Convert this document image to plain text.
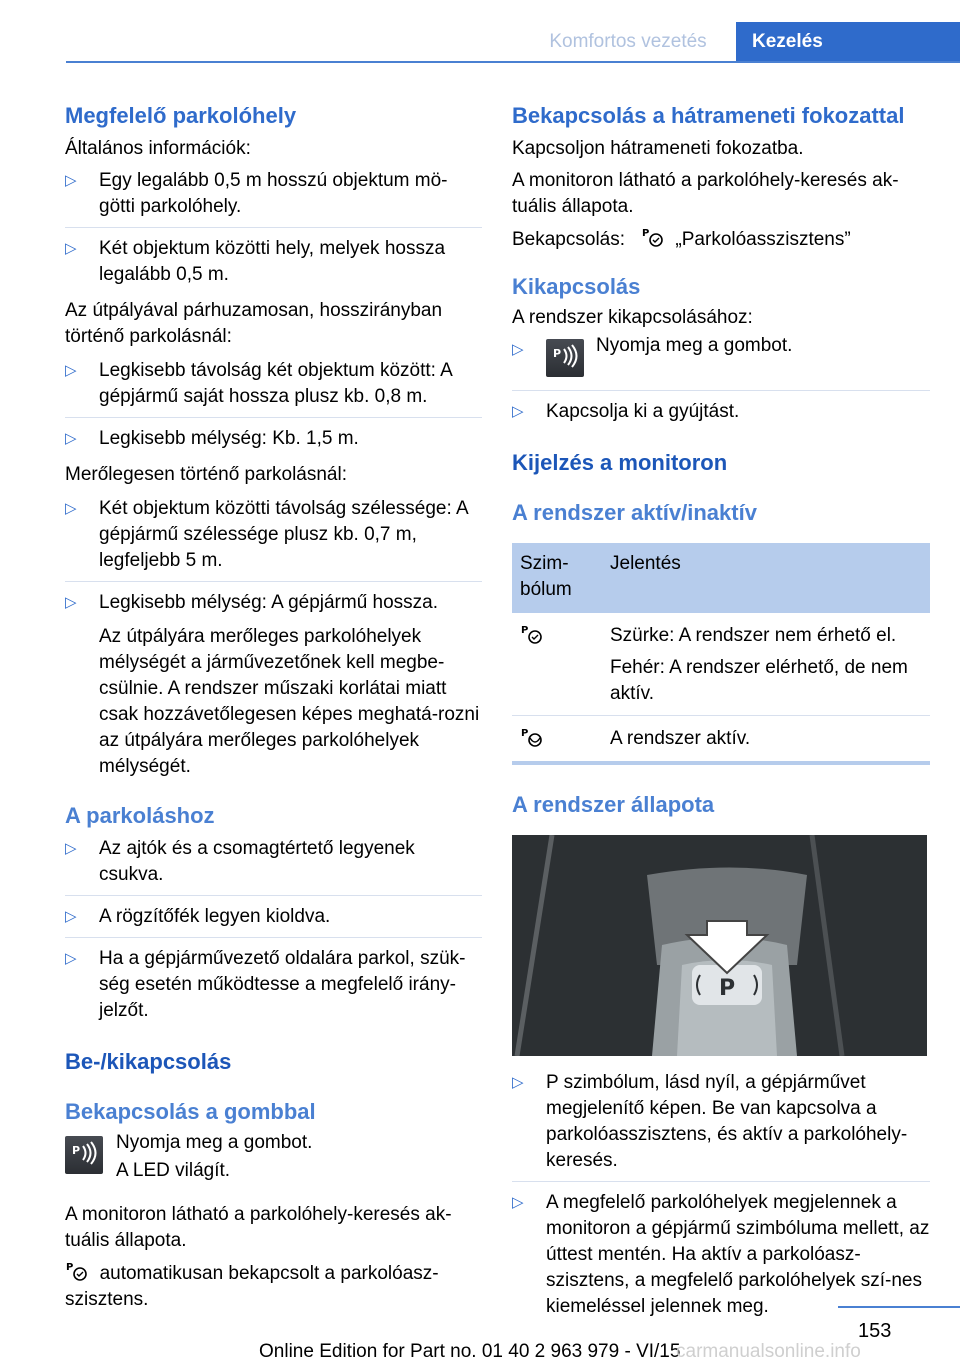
Komfortos vezetés	Kezelés
Megfelelő parkolóhely

Általános információk:

▷ Egy legalább 0,5 m hosszú objektum mö-götti parkolóhely.
▷ Két objektum közötti hely, melyek hossza legalább 0,5 m.

Az útpályával párhuzamosan, hosszirányban történő parkolásnál:

▷ Legkisebb távolság két objektum között: A gépjármű saját hossza plusz kb. 0,8 m.
▷ Legkisebb mélység: Kb. 1,5 m.

Merőlegesen történő parkolásnál:

▷ Két objektum közötti távolság szélessége: A gépjármű szélessége plusz kb. 0,7 m, legfeljebb 5 m.
▷ Legkisebb mélység: A gépjármű hossza.

Az útpályára merőleges parkolóhelyek mélységét a járművezetőnek kell megbe-csülnie. A rendszer műszaki korlátai miatt csak hozzávetőlegesen képes meghatá-rozni az útpályára merőleges parkolóhelyek mélységét.

A parkoláshoz
▷ Az ajtók és a csomagtértető legyenek csukva.
▷ A rögzítőfék legyen kioldva.
▷ Ha a gépjárművezető oldalára parkol, szük-ség esetén működtesse a megfelelő irány-jelzőt.
Be-/kikapcsolás
Bekapcsolás a gombbal
P Nyomja meg a gombot.

A LED világít.

A monitoron látható a parkolóhely-keresés ak-tuális állapota.

P automatikusan bekapcsolt a parkolóasz-szisztens.

Bekapcsolás a hátrameneti fokozattal

Kapcsoljon hátrameneti fokozatba.

A monitoron látható a parkolóhely-keresés ak-tuális állapota.

Bekapcsolás: P „Parkolóasszisztens”

Kikapcsolás

A rendszer kikapcsolásához:

▷	P Nyomja meg a gombot.
▷ Kapcsolja ki a gyújtást.
Kijelzés a monitoron
A rendszer aktív/inaktív
Szim-bólum	Jelentés

P	Szürke: A rendszer nem érhető el.

Fehér: A rendszer elérhető, de nem aktív.

P	A rendszer aktív.
A rendszer állapota
P
▷ P szimbólum, lásd nyíl, a gépjárművet megjelenítő képen. Be van kapcsolva a parkolóasszisztens, és aktív a parkolóhely-keresés.
▷ A megfelelő parkolóhelyek megjelennek a monitoron a gépjármű szimbóluma mellett, az úttest mentén. Ha aktív a parkolóasz-szisztens, a megfelelő parkolóhelyek szí-nes kiemeléssel jelennek meg.
153
Online Edition for Part no. 01 40 2 963 979 - VI/15
carmanualsonline.info
